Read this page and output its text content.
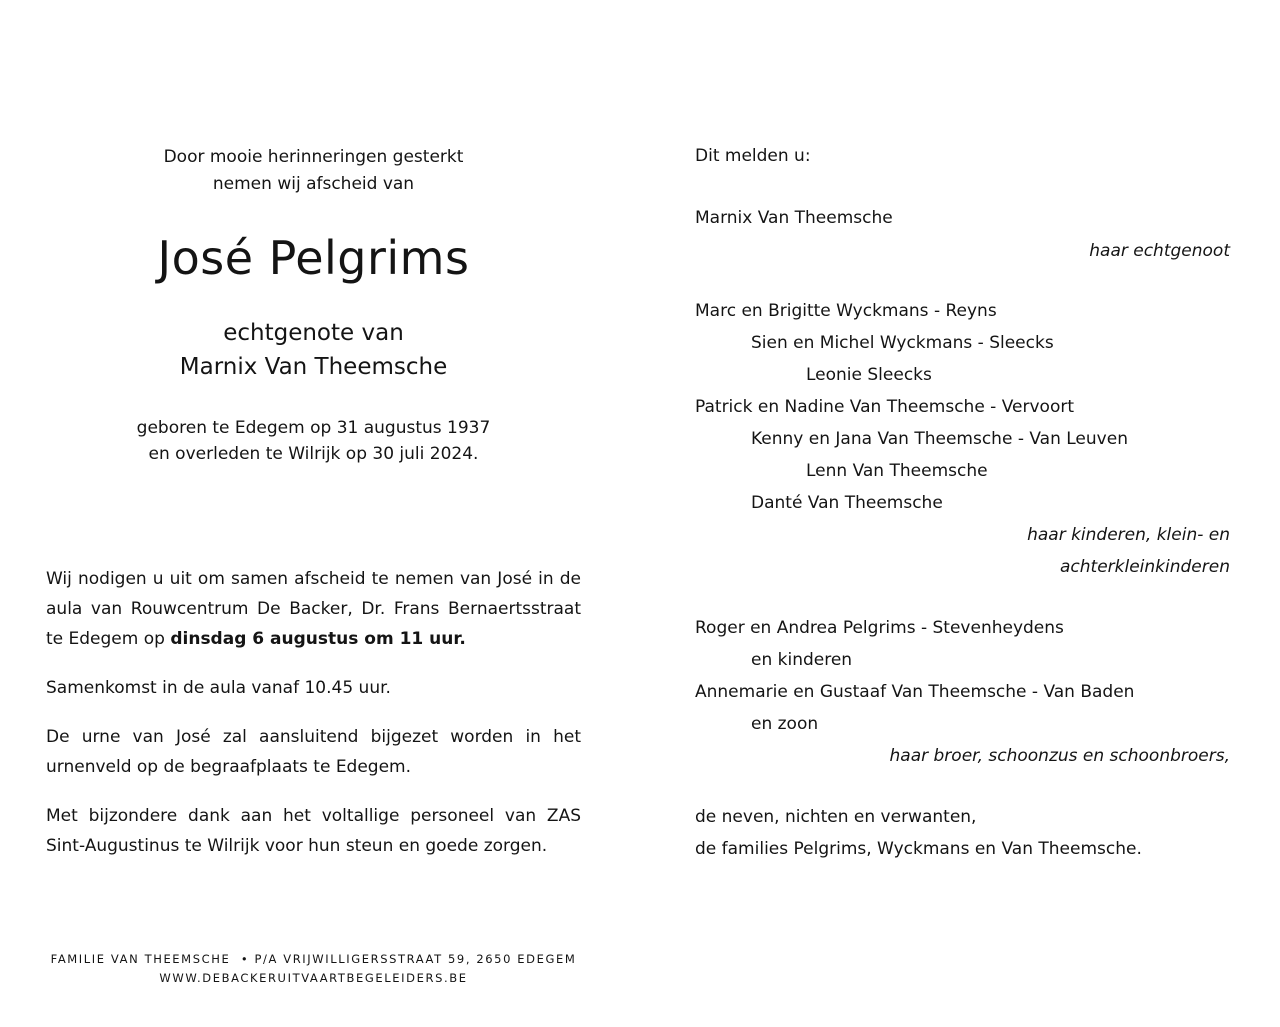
Door mooie herinneringen gesterkt
nemen wij afscheid van
José Pelgrims
echtgenote van
Marnix Van Theemsche
geboren te Edegem op 31 augustus 1937
en overleden te Wilrijk op 30 juli 2024.

Wij nodigen u uit om samen afscheid te nemen van José in de aula van Rouwcentrum De Backer, Dr. Frans Bernaertsstraat te Edegem op dinsdag 6 augustus om 11 uur.

Samenkomst in de aula vanaf 10.45 uur.

De urne van José zal aansluitend bijgezet worden in het urnenveld op de begraafplaats te Edegem.

Met bijzondere dank aan het voltallige personeel van ZAS Sint-Augustinus te Wilrijk voor hun steun en goede zorgen.

FAMILIE VAN THEEMSCHE  • P/A VRIJWILLIGERSSTRAAT 59, 2650 EDEGEM
WWW.DEBACKERUITVAARTBEGELEIDERS.BE
Dit melden u:
Marnix Van Theemsche
haar echtgenoot
Marc en Brigitte Wyckmans - Reyns
Sien en Michel Wyckmans - Sleecks
Leonie Sleecks
Patrick en Nadine Van Theemsche - Vervoort
Kenny en Jana Van Theemsche - Van Leuven
Lenn Van Theemsche
Danté Van Theemsche
haar kinderen, klein- en
achterkleinkinderen
Roger en Andrea Pelgrims - Stevenheydens
en kinderen
Annemarie en Gustaaf Van Theemsche - Van Baden
en zoon
haar broer, schoonzus en schoonbroers,
de neven, nichten en verwanten,
de families Pelgrims, Wyckmans en Van Theemsche.
